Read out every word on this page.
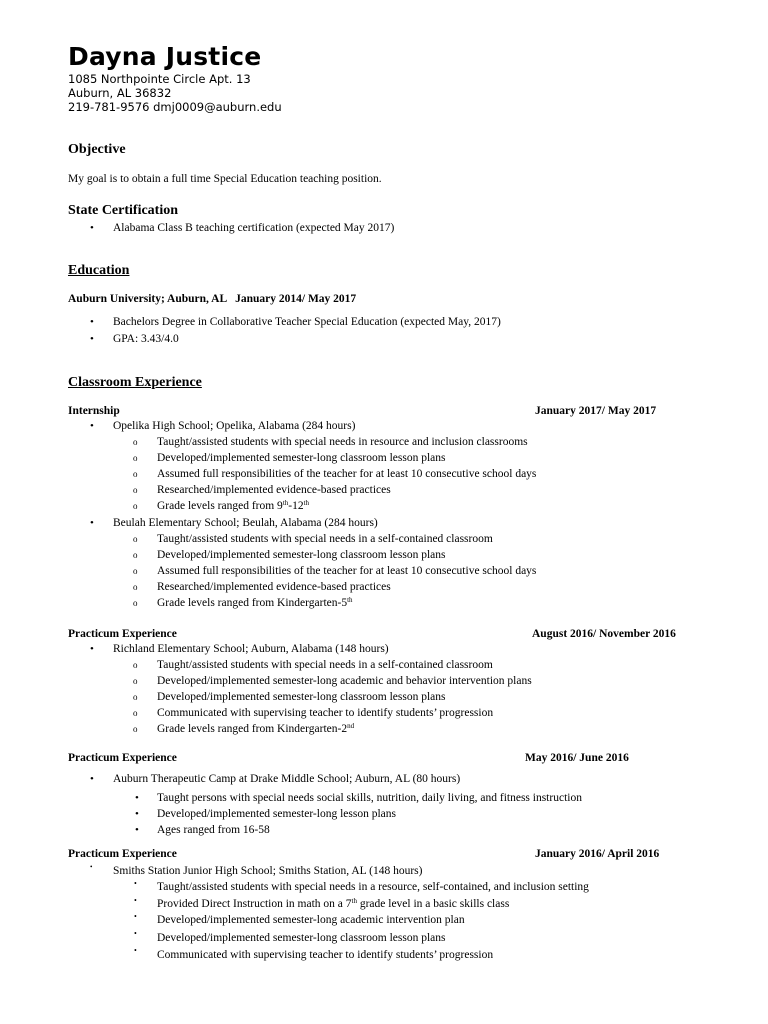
Dayna Justice
1085 Northpointe Circle Apt. 13
Auburn, AL 36832
219-781-9576 dmj0009@auburn.edu
Objective
My goal is to obtain a full time Special Education teaching position.
State Certification
• Alabama Class B teaching certification (expected May 2017)
Education
Auburn University; Auburn, AL   January 2014/ May 2017
• Bachelors Degree in Collaborative Teacher Special Education (expected May, 2017)
• GPA: 3.43/4.0
Classroom Experience
Internship	January 2017/ May 2017
• Opelika High School; Opelika, Alabama (284 hours)
o Taught/assisted students with special needs in resource and inclusion classrooms
o Developed/implemented semester-long classroom lesson plans
o Assumed full responsibilities of the teacher for at least 10 consecutive school days
o Researched/implemented evidence-based practices
o Grade levels ranged from 9th-12th
• Beulah Elementary School; Beulah, Alabama (284 hours)
o Taught/assisted students with special needs in a self-contained classroom
o Developed/implemented semester-long classroom lesson plans
o Assumed full responsibilities of the teacher for at least 10 consecutive school days
o Researched/implemented evidence-based practices
o Grade levels ranged from Kindergarten-5th
Practicum Experience	August 2016/ November 2016
• Richland Elementary School; Auburn, Alabama (148 hours)
o Taught/assisted students with special needs in a self-contained classroom
o Developed/implemented semester-long academic and behavior intervention plans
o Developed/implemented semester-long classroom lesson plans
o Communicated with supervising teacher to identify students’ progression
o Grade levels ranged from Kindergarten-2nd
Practicum Experience	May 2016/ June 2016
• Auburn Therapeutic Camp at Drake Middle School; Auburn, AL (80 hours)
• Taught persons with special needs social skills, nutrition, daily living, and fitness instruction
• Developed/implemented semester-long lesson plans
• Ages ranged from 16-58
Practicum Experience	January 2016/ April 2016
• Smiths Station Junior High School; Smiths Station, AL (148 hours)
• Taught/assisted students with special needs in a resource, self-contained, and inclusion setting
• Provided Direct Instruction in math on a 7th grade level in a basic skills class
• Developed/implemented semester-long academic intervention plan
• Developed/implemented semester-long classroom lesson plans
• Communicated with supervising teacher to identify students’ progression
